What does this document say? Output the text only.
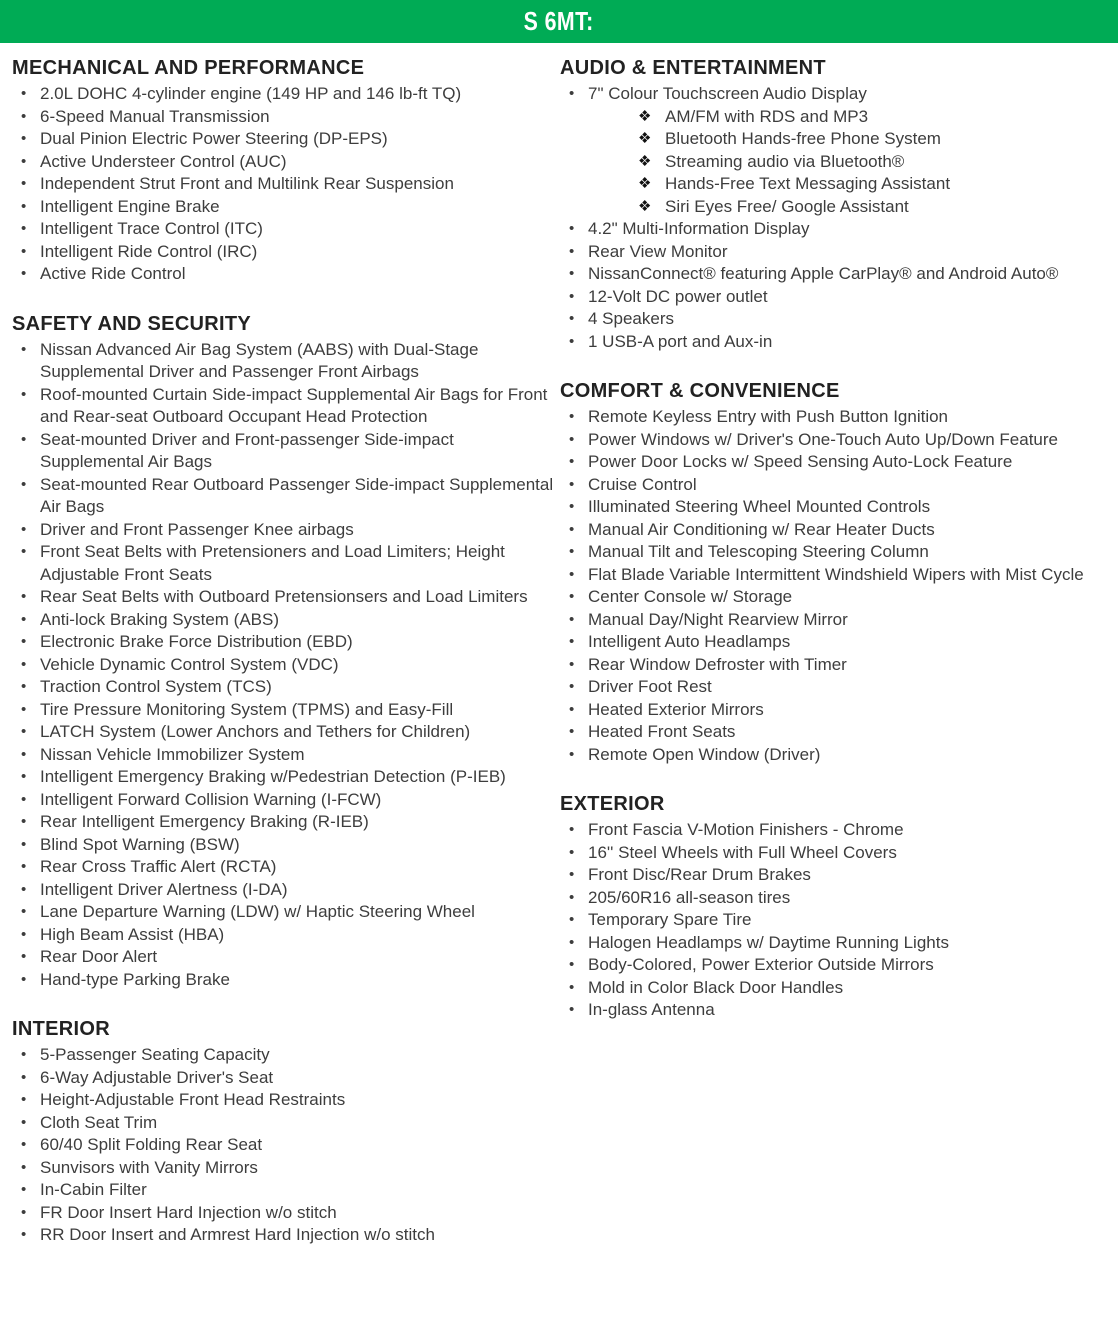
S 6MT:
MECHANICAL AND PERFORMANCE
• 2.0L DOHC 4-cylinder engine (149 HP and 146 lb-ft TQ)
• 6-Speed Manual Transmission
• Dual Pinion Electric Power Steering (DP-EPS)
• Active Understeer Control (AUC)
• Independent Strut Front and Multilink Rear Suspension
• Intelligent Engine Brake
• Intelligent Trace Control (ITC)
• Intelligent Ride Control (IRC)
• Active Ride Control
SAFETY AND SECURITY
• Nissan Advanced Air Bag System (AABS) with Dual-Stage Supplemental Driver and Passenger Front Airbags
• Roof-mounted Curtain Side-impact Supplemental Air Bags for Front and Rear-seat Outboard Occupant Head Protection
• Seat-mounted Driver and Front-passenger Side-impact Supplemental Air Bags
• Seat-mounted Rear Outboard Passenger Side-impact Supplemental Air Bags
• Driver and Front Passenger Knee airbags
• Front Seat Belts with Pretensioners and Load Limiters; Height Adjustable Front Seats
• Rear Seat Belts with Outboard Pretensionsers and Load Limiters
• Anti-lock Braking System (ABS)
• Electronic Brake Force Distribution (EBD)
• Vehicle Dynamic Control System (VDC)
• Traction Control System (TCS)
• Tire Pressure Monitoring System (TPMS) and Easy-Fill
• LATCH System (Lower Anchors and Tethers for Children)
• Nissan Vehicle Immobilizer System
• Intelligent Emergency Braking w/Pedestrian Detection (P-IEB)
• Intelligent Forward Collision Warning (I-FCW)
• Rear Intelligent Emergency Braking (R-IEB)
• Blind Spot Warning (BSW)
• Rear Cross Traffic Alert (RCTA)
• Intelligent Driver Alertness (I-DA)
• Lane Departure Warning (LDW) w/ Haptic Steering Wheel
• High Beam Assist (HBA)
• Rear Door Alert
• Hand-type Parking Brake
INTERIOR
• 5-Passenger Seating Capacity
• 6-Way Adjustable Driver's Seat
• Height-Adjustable Front Head Restraints
• Cloth Seat Trim
• 60/40 Split Folding Rear Seat
• Sunvisors with Vanity Mirrors
• In-Cabin Filter
• FR Door Insert Hard Injection w/o stitch
• RR Door Insert and Armrest Hard Injection w/o stitch
AUDIO & ENTERTAINMENT
• 7" Colour Touchscreen Audio Display
❖ AM/FM with RDS and MP3
❖ Bluetooth Hands-free Phone System
❖ Streaming audio via Bluetooth®
❖ Hands-Free Text Messaging Assistant
❖ Siri Eyes Free/ Google Assistant
• 4.2" Multi-Information Display
• Rear View Monitor
• NissanConnect® featuring Apple CarPlay® and Android Auto®
• 12-Volt DC power outlet
• 4 Speakers
• 1 USB-A port and Aux-in
COMFORT & CONVENIENCE
• Remote Keyless Entry with Push Button Ignition
• Power Windows w/ Driver's One-Touch Auto Up/Down Feature
• Power Door Locks w/ Speed Sensing Auto-Lock Feature
• Cruise Control
• Illuminated Steering Wheel Mounted Controls
• Manual Air Conditioning w/ Rear Heater Ducts
• Manual Tilt and Telescoping Steering Column
• Flat Blade Variable Intermittent Windshield Wipers with Mist Cycle
• Center Console w/ Storage
• Manual Day/Night Rearview Mirror
• Intelligent Auto Headlamps
• Rear Window Defroster with Timer
• Driver Foot Rest
• Heated Exterior Mirrors
• Heated Front Seats
• Remote Open Window (Driver)
EXTERIOR
• Front Fascia V-Motion Finishers - Chrome
• 16'' Steel Wheels with Full Wheel Covers
• Front Disc/Rear Drum Brakes
• 205/60R16 all-season tires
• Temporary Spare Tire
• Halogen Headlamps w/ Daytime Running Lights
• Body-Colored, Power Exterior Outside Mirrors
• Mold in Color Black Door Handles
• In-glass Antenna
